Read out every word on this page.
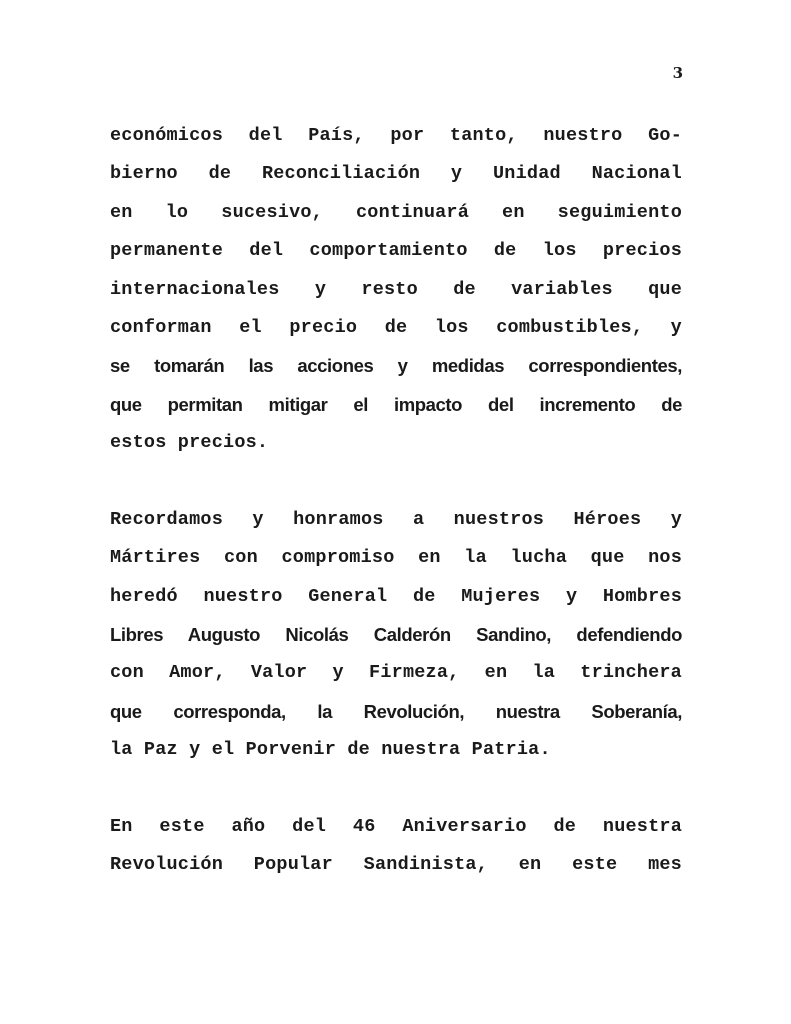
3
económicos del País, por tanto, nuestro Go-
bierno de Reconciliación y Unidad Nacional
en lo sucesivo, continuará en seguimiento
permanente del comportamiento de los precios
internacionales y resto de variables que
conforman el precio de los combustibles, y
se tomarán las acciones y medidas correspondientes,
que permitan mitigar el impacto del incremento de
estos precios.
Recordamos y honramos a nuestros Héroes y
Mártires con compromiso en la lucha que nos
heredó nuestro General de Mujeres y Hombres
Libres Augusto Nicolás Calderón Sandino, defendiendo
con Amor, Valor y Firmeza, en la trinchera
que corresponda, la Revolución, nuestra Soberanía,
la Paz y el Porvenir de nuestra Patria.
En este año del 46 Aniversario de nuestra
Revolución Popular Sandinista, en este mes
